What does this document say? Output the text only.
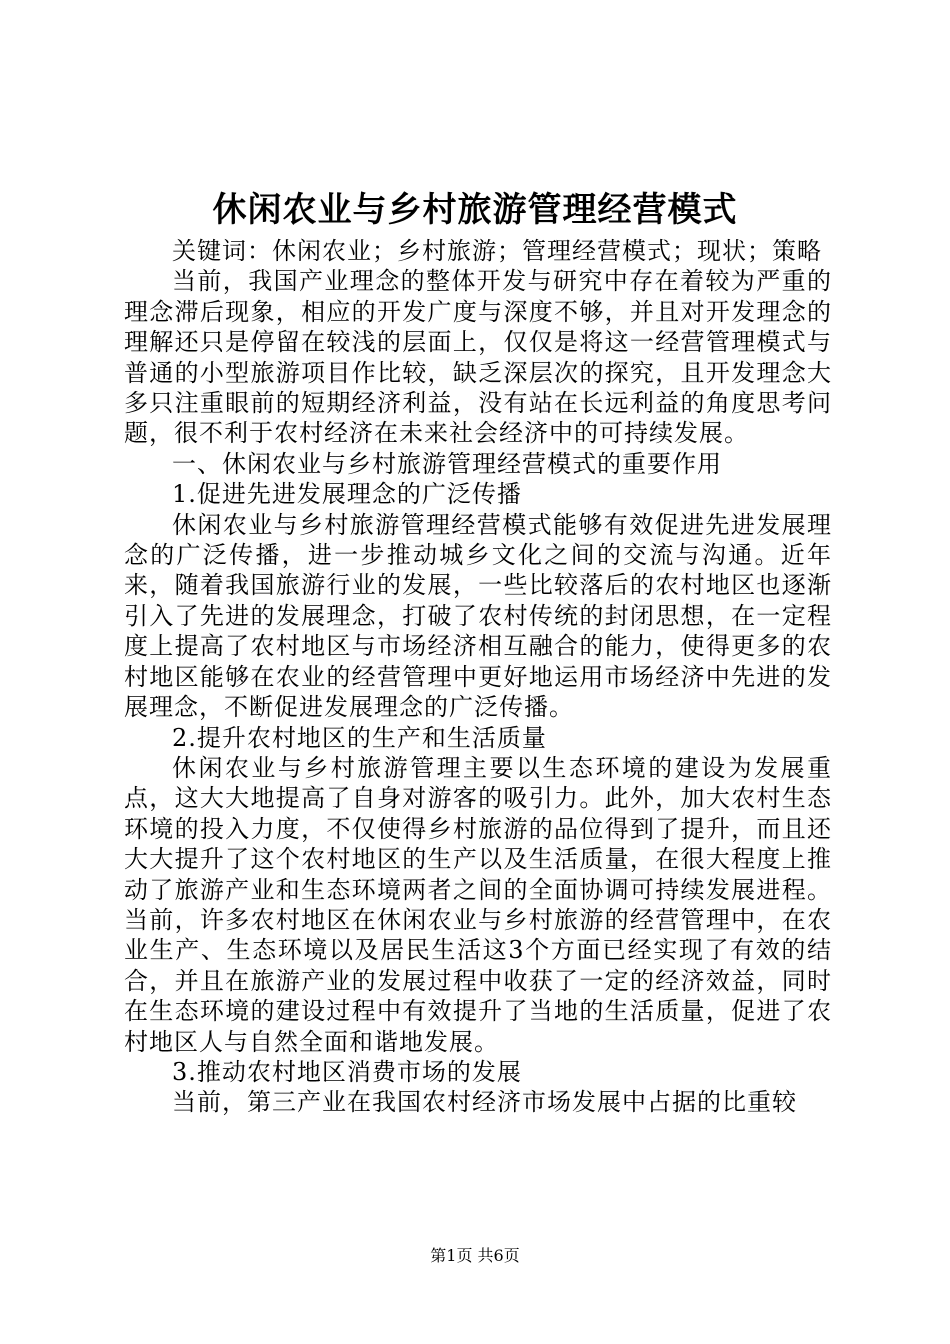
休闲农业与乡村旅游管理经营模式

关键词：休闲农业；乡村旅游；管理经营模式；现状；策略

当前，我国产业理念的整体开发与研究中存在着较为严重的理念滞后现象，相应的开发广度与深度不够，并且对开发理念的理解还只是停留在较浅的层面上，仅仅是将这一经营管理模式与普通的小型旅游项目作比较，缺乏深层次的探究，且开发理念大多只注重眼前的短期经济利益，没有站在长远利益的角度思考问题，很不利于农村经济在未来社会经济中的可持续发展。

一、休闲农业与乡村旅游管理经营模式的重要作用

1.促进先进发展理念的广泛传播

休闲农业与乡村旅游管理经营模式能够有效促进先进发展理念的广泛传播，进一步推动城乡文化之间的交流与沟通。近年来，随着我国旅游行业的发展，一些比较落后的农村地区也逐渐引入了先进的发展理念，打破了农村传统的封闭思想，在一定程度上提高了农村地区与市场经济相互融合的能力，使得更多的农村地区能够在农业的经营管理中更好地运用市场经济中先进的发展理念，不断促进发展理念的广泛传播。

2.提升农村地区的生产和生活质量

休闲农业与乡村旅游管理主要以生态环境的建设为发展重点，这大大地提高了自身对游客的吸引力。此外，加大农村生态环境的投入力度，不仅使得乡村旅游的品位得到了提升，而且还大大提升了这个农村地区的生产以及生活质量，在很大程度上推动了旅游产业和生态环境两者之间的全面协调可持续发展进程。当前，许多农村地区在休闲农业与乡村旅游的经营管理中，在农业生产、生态环境以及居民生活这3个方面已经实现了有效的结合，并且在旅游产业的发展过程中收获了一定的经济效益，同时在生态环境的建设过程中有效提升了当地的生活质量，促进了农村地区人与自然全面和谐地发展。

3.推动农村地区消费市场的发展

当前，第三产业在我国农村经济市场发展中占据的比重较

第1页 共6页
